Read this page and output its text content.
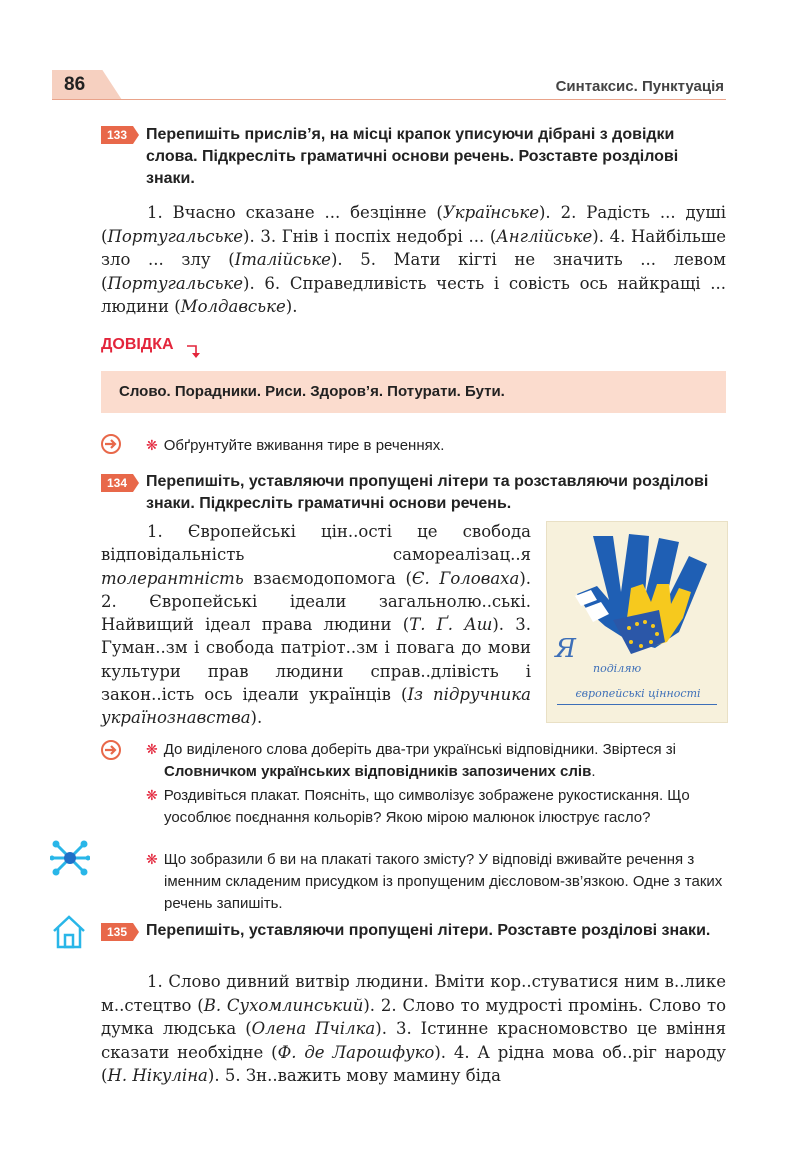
86	Синтаксис. Пунктуація
133	Перепишіть прислів’я, на місці крапок уписуючи дібрані з довідки слова. Підкресліть граматичні основи речень. Розставте розділові знаки.
1. Вчасно сказане ... безцінне (Українське). 2. Радість ... душі (Португальське). 3. Гнів і поспіх недобрі ... (Англійське). 4. Найбільше зло ... злу (Італійське). 5. Мати кігті не значить ... левом (Португальське). 6. Справедливість честь і совість ось найкращі ... людини (Молдавське).
ДОВІДКА
Слово. Порадники. Риси. Здоров’я. Потурати. Бути.
❋ Обґрунтуйте вживання тире в реченнях.
134	Перепишіть, уставляючи пропущені літери та розставляючи розділові знаки. Підкресліть граматичні основи речень.
1. Європейські цін..ості це свобода відповідальність самореалізац..я толерантність взаємодопомога (Є. Головаха). 2. Європейські ідеали загальнолю..ські. Найвищий ідеал права людини (Т. Ґ. Аш). 3. Гуман..зм і свобода патріот..зм і повага до мови культури прав людини справ..длівість і закон..ість ось ідеали українців (Із підручника українознавства).
Я
поділяю
європейські цінності
❋ До виділеного слова доберіть два-три українські відповідники. Звіртеся зі Словничком українських відповідників запозичених слів.
❋ Роздивіться плакат. Поясніть, що символізує зображене рукостискання. Що уособлює поєднання кольорів? Якою мірою малюнок ілюструє гасло?
❋ Що зобразили б ви на плакаті такого змісту? У відповіді вживайте речення з іменним складеним присудком із пропущеним дієсловом-зв’язкою. Одне з таких речень запишіть.
135	Перепишіть, уставляючи пропущені літери. Розставте розділові знаки.
1. Слово дивний витвір людини. Вміти кор..стуватися ним в..лике м..стецтво (В. Сухомлинський). 2. Слово то мудрості промінь. Слово то думка людська (Олена Пчілка). 3. Істинне красномовство це вміння сказати необхідне (Ф. де Ларошфуко). 4. А рідна мова об..ріг народу (Н. Нікуліна). 5. Зн..важить мову мамину біда
